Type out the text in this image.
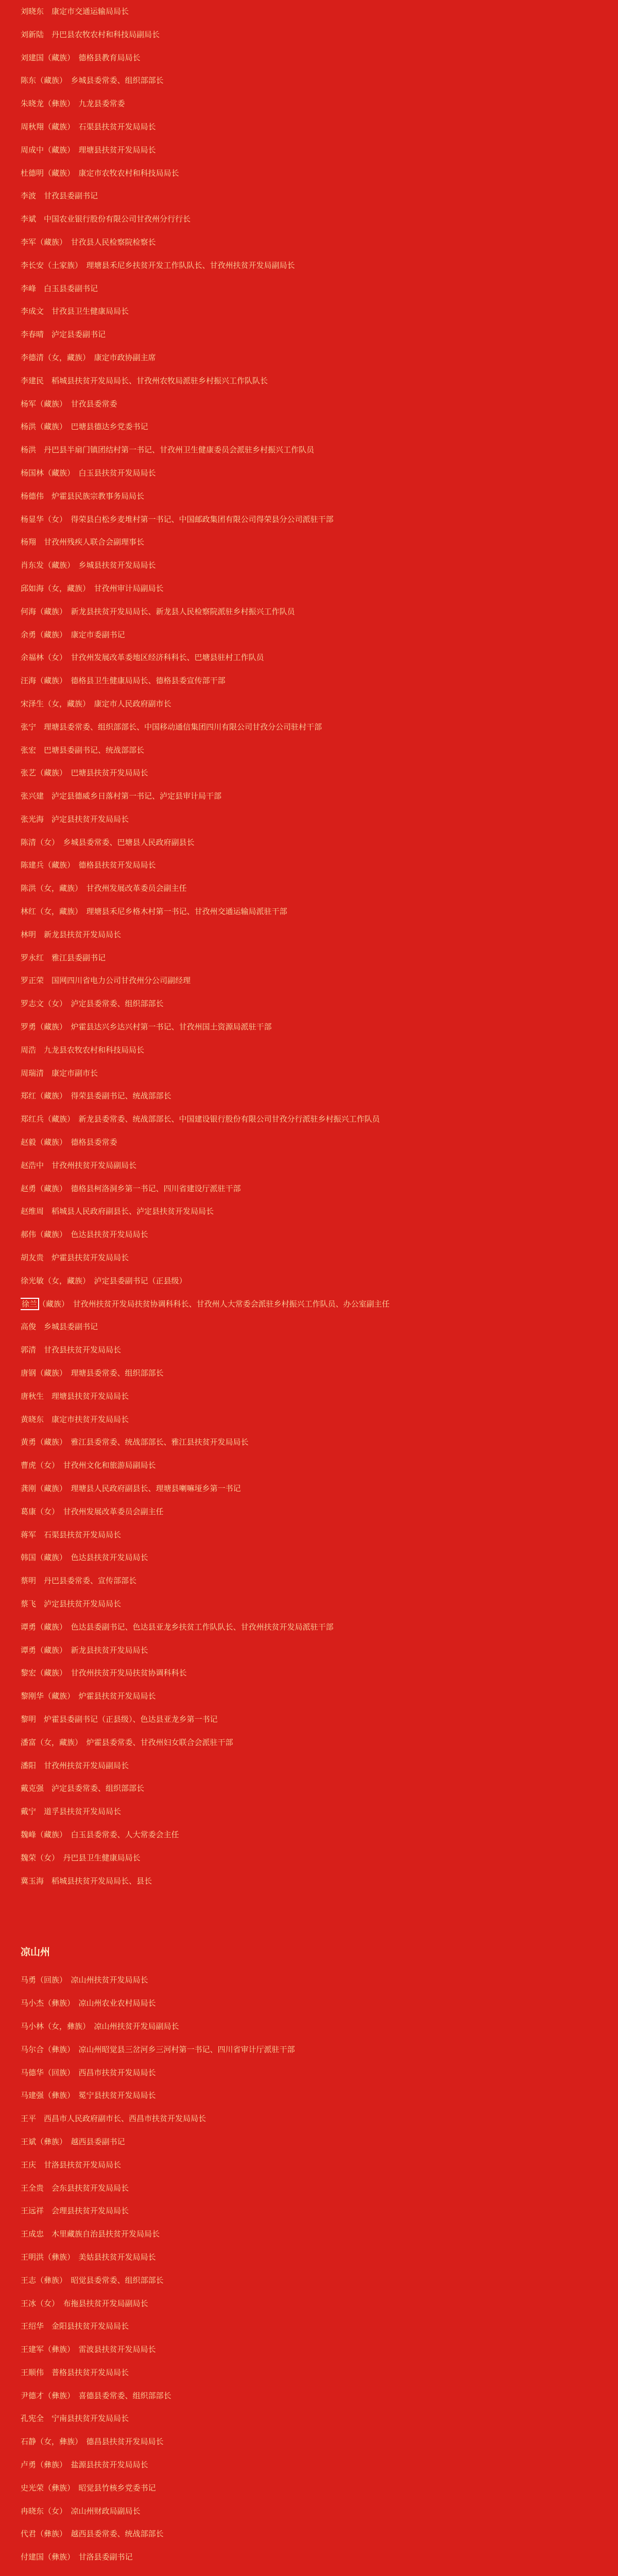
刘晓东　康定市交通运输局局长
刘新陆　丹巴县农牧农村和科技局副局长
刘建国（藏族）　德格县教育局局长
陈东（藏族）　乡城县委常委、组织部部长
朱晓龙（彝族）　九龙县委常委
周秋翔（藏族）　石渠县扶贫开发局局长
周成中（藏族）　理塘县扶贫开发局局长
杜德明（藏族）　康定市农牧农村和科技局局长
李波　甘孜县委副书记
李斌　中国农业银行股份有限公司甘孜州分行行长
李军（藏族）　甘孜县人民检察院检察长
李长安（土家族）　理塘县禾尼乡扶贫开发工作队队长、甘孜州扶贫开发局副局长
李峰　白玉县委副书记
李成文　甘孜县卫生健康局局长
李春晴　泸定县委副书记
李德清（女，藏族）　康定市政协副主席
李建民　稻城县扶贫开发局局长、甘孜州农牧局派驻乡村振兴工作队队长
杨军（藏族）　甘孜县委常委
杨洪（藏族）　巴塘县德达乡党委书记
杨洪　丹巴县半扇门镇团结村第一书记、甘孜州卫生健康委员会派驻乡村振兴工作队员
杨国林（藏族）　白玉县扶贫开发局局长
杨德伟　炉霍县民族宗教事务局局长
杨显华（女）　得荣县白松乡麦堆村第一书记、中国邮政集团有限公司得荣县分公司派驻干部
杨翔　甘孜州残疾人联合会副理事长
肖东发（藏族）　乡城县扶贫开发局局长
邱如海（女，藏族）　甘孜州审计局副局长
何海（藏族）　新龙县扶贫开发局局长、新龙县人民检察院派驻乡村振兴工作队员
余勇（藏族）　康定市委副书记
余福林（女）　甘孜州发展改革委地区经济科科长、巴塘县驻村工作队员
汪海（藏族）　德格县卫生健康局局长、德格县委宣传部干部
宋泽生（女，藏族）　康定市人民政府副市长
张宁　理塘县委常委、组织部部长、中国移动通信集团四川有限公司甘孜分公司驻村干部
张宏　巴塘县委副书记、统战部部长
张艺（藏族）　巴塘县扶贫开发局局长
张兴建　泸定县德威乡日落村第一书记、泸定县审计局干部
张光海　泸定县扶贫开发局局长
陈清（女）　乡城县委常委、巴塘县人民政府副县长
陈建兵（藏族）　德格县扶贫开发局局长
陈洪（女，藏族）　甘孜州发展改革委员会副主任
林红（女，藏族）　理塘县禾尼乡格木村第一书记、甘孜州交通运输局派驻干部
林明　新龙县扶贫开发局局长
罗永红　雅江县委副书记
罗正荣　国网四川省电力公司甘孜州分公司副经理
罗志文（女）　泸定县委常委、组织部部长
罗勇（藏族）　炉霍县达兴乡达兴村第一书记、甘孜州国土资源局派驻干部
周浩　九龙县农牧农村和科技局局长
周瑞清　康定市副市长
郑红（藏族）　得荣县委副书记、统战部部长
郑红兵（藏族）　新龙县委常委、统战部部长、中国建设银行股份有限公司甘孜分行派驻乡村振兴工作队员
赵毅（藏族）　德格县委常委
赵浩中　甘孜州扶贫开发局副局长
赵勇（藏族）　德格县柯洛洞乡第一书记、四川省建设厅派驻干部
赵维周　稻城县人民政府副县长、泸定县扶贫开发局局长
郝伟（藏族）　色达县扶贫开发局局长
胡友贵　炉霍县扶贫开发局局长
徐光敏（女，藏族）　泸定县委副书记（正县级）
徐兰 （藏族）　甘孜州扶贫开发局扶贫协调科科长、甘孜州人大常委会派驻乡村振兴工作队员、办公室副主任
高俊　乡城县委副书记
郭清　甘孜县扶贫开发局局长
唐钢（藏族）　理塘县委常委、组织部部长
唐秋生　理塘县扶贫开发局局长
黄晓东　康定市扶贫开发局局长
黄勇（藏族）　雅江县委常委、统战部部长、雅江县扶贫开发局局长
曹虎（女）　甘孜州文化和旅游局副局长
龚刚（藏族）　理塘县人民政府副县长、理塘县喇嘛垭乡第一书记
葛康（女）　甘孜州发展改革委员会副主任
蒋军　石渠县扶贫开发局局长
韩国（藏族）　色达县扶贫开发局局长
蔡明　丹巴县委常委、宣传部部长
蔡飞　泸定县扶贫开发局局长
谭勇（藏族）　色达县委副书记、色达县亚龙乡扶贫工作队队长、甘孜州扶贫开发局派驻干部
谭勇（藏族）　新龙县扶贫开发局局长
黎宏（藏族）　甘孜州扶贫开发局扶贫协调科科长
黎刚华（藏族）　炉霍县扶贫开发局局长
黎明　炉霍县委副书记（正县级）、色达县亚龙乡第一书记
潘富（女，藏族）　炉霍县委常委、甘孜州妇女联合会派驻干部
潘阳　甘孜州扶贫开发局副局长
戴克强　泸定县委常委、组织部部长
戴宁　道孚县扶贫开发局局长
魏峰（藏族）　白玉县委常委、人大常委会主任
魏荣（女）　丹巴县卫生健康局局长
冀玉海　稻城县扶贫开发局局长、县长
凉山州
马勇（回族）　凉山州扶贫开发局局长
马小杰（彝族）　凉山州农业农村局局长
马小林（女，彝族）　凉山州扶贫开发局副局长
马尔合（彝族）　凉山州昭觉县三岔河乡三河村第一书记、四川省审计厅派驻干部
马德华（回族）　西昌市扶贫开发局局长
马建强（彝族）　冕宁县扶贫开发局局长
王平　西昌市人民政府副市长、西昌市扶贫开发局局长
王斌（彝族）　越西县委副书记
王庆　甘洛县扶贫开发局局长
王全贵　会东县扶贫开发局局长
王远祥　会理县扶贫开发局局长
王成忠　木里藏族自治县扶贫开发局局长
王明洪（彝族）　美姑县扶贫开发局局长
王志（彝族）　昭觉县委常委、组织部部长
王冰（女）　布拖县扶贫开发局副局长
王绍华　金阳县扶贫开发局局长
王建军（彝族）　雷波县扶贫开发局局长
王顺伟　普格县扶贫开发局局长
尹德才（彝族）　喜德县委常委、组织部部长
孔宪全　宁南县扶贫开发局局长
石静（女，彝族）　德昌县扶贫开发局局长
卢勇（彝族）　盐源县扶贫开发局局长
史光荣（彝族）　昭觉县竹核乡党委书记
冉晓东（女）　凉山州财政局副局长
代君（彝族）　越西县委常委、统战部部长
付建国（彝族）　甘洛县委副书记
